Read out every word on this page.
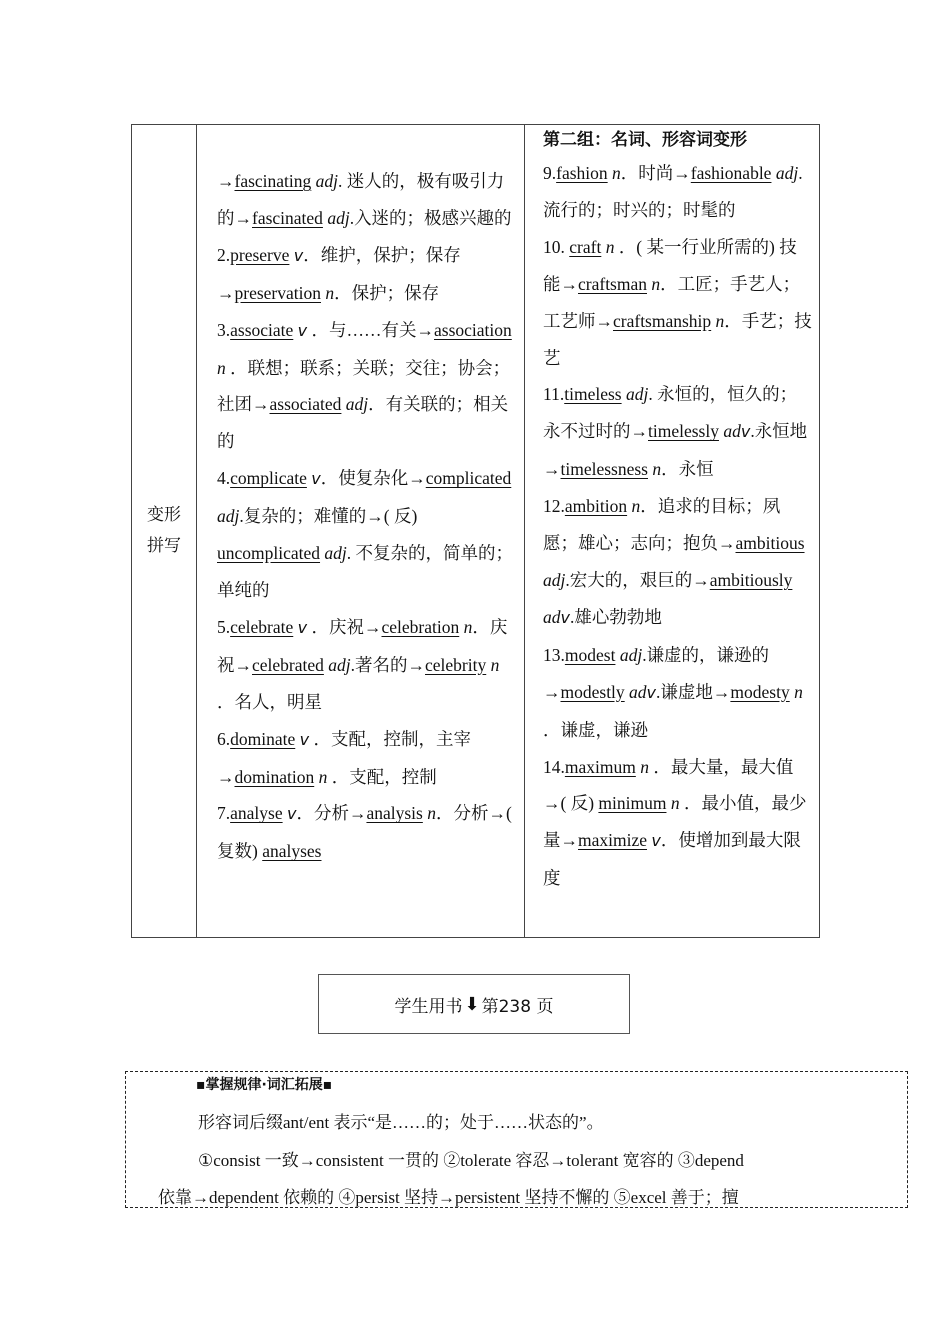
变形
拼写

→fascinating adj. 迷人的，极有吸引力的→fascinated adj.入迷的；极感兴趣的
2.preserve v．维护，保护；保存→preservation n．保护；保存
3.associate v ．与……有关→association n ．联想；联系；关联；交往；协会；社团→associated adj．有关联的；相关的
4.complicate v．使复杂化→complicated adj.复杂的；难懂的→( 反) uncomplicated adj. 不复杂的，简单的；单纯的
5.celebrate v ．庆祝→celebration n．庆祝→celebrated adj.著名的→celebrity n ．名人，明星
6.dominate v ．支配，控制，主宰→domination n ．支配，控制
7.analyse v．分析→analysis n．分析→( 复数) analyses

第二组：名词、形容词变形
9.fashion n．时尚→fashionable adj.流行的；时兴的；时髦的
10. craft n ．( 某一行业所需的) 技能→craftsman n．工匠；手艺人；工艺师→craftsmanship n．手艺；技艺
11.timeless adj. 永恒的，恒久的；永不过时的→timelessly adv.永恒地→timelessness n．永恒
12.ambition n．追求的目标；夙愿；雄心；志向；抱负→ambitious adj.宏大的，艰巨的→ambitiously adv.雄心勃勃地
13.modest adj.谦虚的，谦逊的→modestly adv.谦虚地→modesty n ．谦虚，谦逊
14.maximum n ．最大量，最大值→( 反) minimum n ．最小值，最少量→maximize v．使增加到最大限度
学生用书 ⬇ 第238 页
▪掌握规律·词汇拓展▪
形容词后缀ant/ent 表示“是……的；处于……状态的”。
①consist 一致→consistent 一贯的 ②tolerate 容忍→tolerant 宽容的 ③depend
依靠→dependent 依赖的 ④persist 坚持→persistent 坚持不懈的 ⑤excel 善于；擅
